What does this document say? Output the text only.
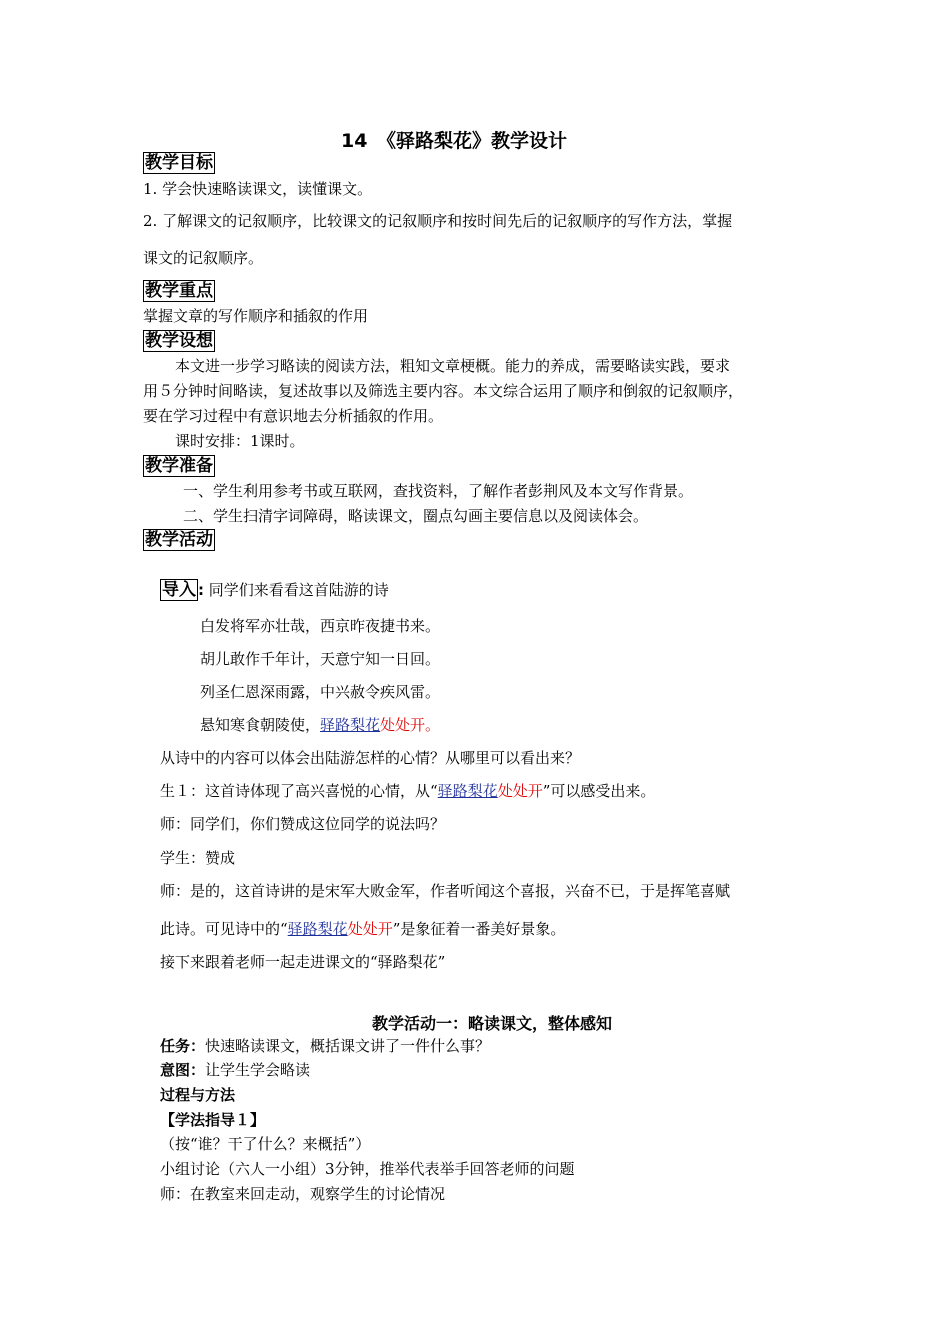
14　《驿路梨花》教学设计
教学目标
1. 学会快速略读课文，读懂课文。
2. 了解课文的记叙顺序，比较课文的记叙顺序和按时间先后的记叙顺序的写作方法，掌握
课文的记叙顺序。
教学重点
掌握文章的写作顺序和插叙的作用
教学设想
本文进一步学习略读的阅读方法，粗知文章梗概。能力的养成，需要略读实践，要求
用５分钟时间略读，复述故事以及筛选主要内容。本文综合运用了顺序和倒叙的记叙顺序，
要在学习过程中有意识地去分析插叙的作用。
课时安排：1课时。
教学准备
一、学生利用参考书或互联网，查找资料，了解作者彭荆风及本文写作背景。
二、学生扫清字词障碍，略读课文，圈点勾画主要信息以及阅读体会。
教学活动
导入 : 同学们来看看这首陆游的诗
白发将军亦壮哉，西京昨夜捷书来。
胡儿敢作千年计，天意宁知一日回。
列圣仁恩深雨露，中兴赦令疾风雷。
悬知寒食朝陵使，驿路梨花处处开。
从诗中的内容可以体会出陆游怎样的心情？从哪里可以看出来？
生１：这首诗体现了高兴喜悦的心情，从“驿路梨花处处开”可以感受出来。
师：同学们，你们赞成这位同学的说法吗？
学生：赞成
师：是的，这首诗讲的是宋军大败金军，作者听闻这个喜报，兴奋不已，于是挥笔喜赋
此诗。可见诗中的“驿路梨花处处开”是象征着一番美好景象。
接下来跟着老师一起走进课文的“驿路梨花”
教学活动一：略读课文，整体感知
任务：快速略读课文，概括课文讲了一件什么事？
意图：让学生学会略读
过程与方法
【学法指导１】
（按“谁？干了什么？来概括”）
小组讨论（六人一小组）3分钟，推举代表举手回答老师的问题
师：在教室来回走动，观察学生的讨论情况
